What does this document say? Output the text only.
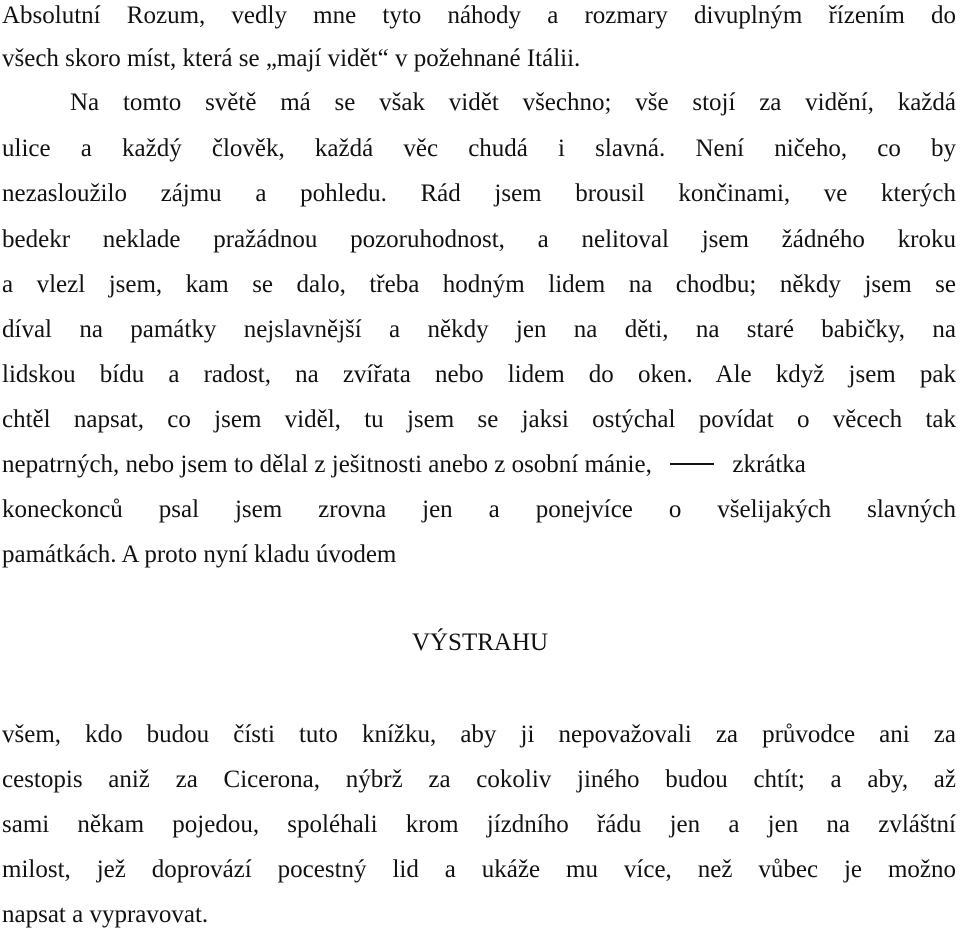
Absolutní Rozum, vedly mne tyto náhody a rozmary divuplným řízením do
všech skoro míst, která se „mají vidět“ v požehnané Itálii.
Na tomto světě má se však vidět všechno; vše stojí za vidění, každá
ulice a každý člověk, každá věc chudá i slavná. Není ničeho, co by
nezasloužilo zájmu a pohledu. Rád jsem brousil končinami, ve kterých
bedekr neklade pražádnou pozoruhodnost, a nelitoval jsem žádného kroku
a vlezl jsem, kam se dalo, třeba hodným lidem na chodbu; někdy jsem se
díval na památky nejslavnější a někdy jen na děti, na staré babičky, na
lidskou bídu a radost, na zvířata nebo lidem do oken. Ale když jsem pak
chtěl napsat, co jsem viděl, tu jsem se jaksi ostýchal povídat o věcech tak
nepatrných, nebo jsem to dělal z ješitnosti anebo z osobní mánie,	zkrátka
koneckonců psal jsem zrovna jen a ponejvíce o všelijakých slavných
památkách. A proto nyní kladu úvodem
VÝSTRAHU
všem, kdo budou čísti tuto knížku, aby ji nepovažovali za průvodce ani za
cestopis aniž za Cicerona, nýbrž za cokoliv jiného budou chtít; a aby, až
sami někam pojedou, spoléhali krom jízdního řádu jen a jen na zvláštní
milost, jež doprovází pocestný lid a ukáže mu více, než vůbec je možno
napsat a vypravovat.
